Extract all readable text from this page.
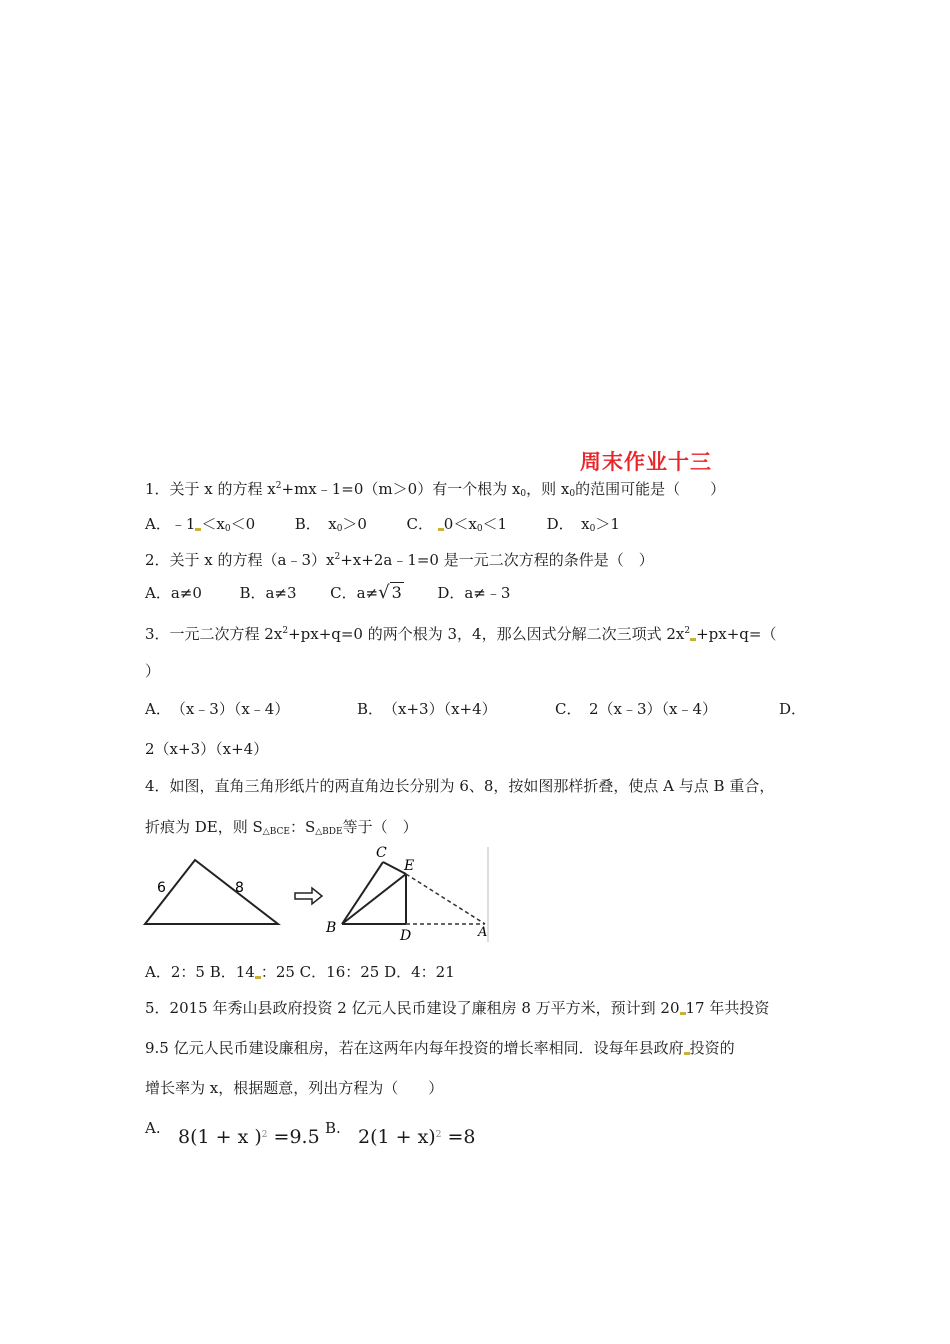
周末作业十三
1．关于 x 的方程 $x^2+mx﹣1=0(m>0)$有一个根为 $x_0$，则 $x_0$的范围可能是（　　）
A．﹣1 $<x_0<0$	B．　$x_0>0$	C． $0<x_0<1$	D．　$x_0>1$
2．关于 x 的方程$(a﹣3)x^2+x+2a﹣1=0$ 是一元二次方程的条件是（　）
A．a≠0	B．a≠3 C．a≠√ 3 D．a≠﹣3
3．一元二次方程 $2x^2+px+q=0$ 的两个根为 3，4，那么因式分解二次三项式 $2x^2 +px+q=$（
）
A．　（x﹣3）（x﹣4）	B．　（x+3）（x+4）	C．　2（x﹣3）（x﹣4）	D．
2（x+3）（x+4）
4．如图，直角三角形纸片的两直角边长分别为 6、8，按如图那样折叠，使点 A 与点 B 重合，
折痕为 DE，则 $S_{\triangle BCE}$：$S_{\triangle BDE}$等于（　）
6	8
C
E
B	D	A
A．2：5 B．14 ：25 C．16：25 D．4：21
5．2015 年秀山县政府投资 2 亿元人民币建设了廉租房 8 万平方米，预计到 20 17 年共投资
9.5 亿元人民币建设廉租房，若在这两年内每年投资的增长率相同．设每年县政府 投资的
增长率为 x，根据题意，列出方程为（　　）
A. 8(1 + x )$^2$ =9.5 B. $2(1 + x)^2 =8$
